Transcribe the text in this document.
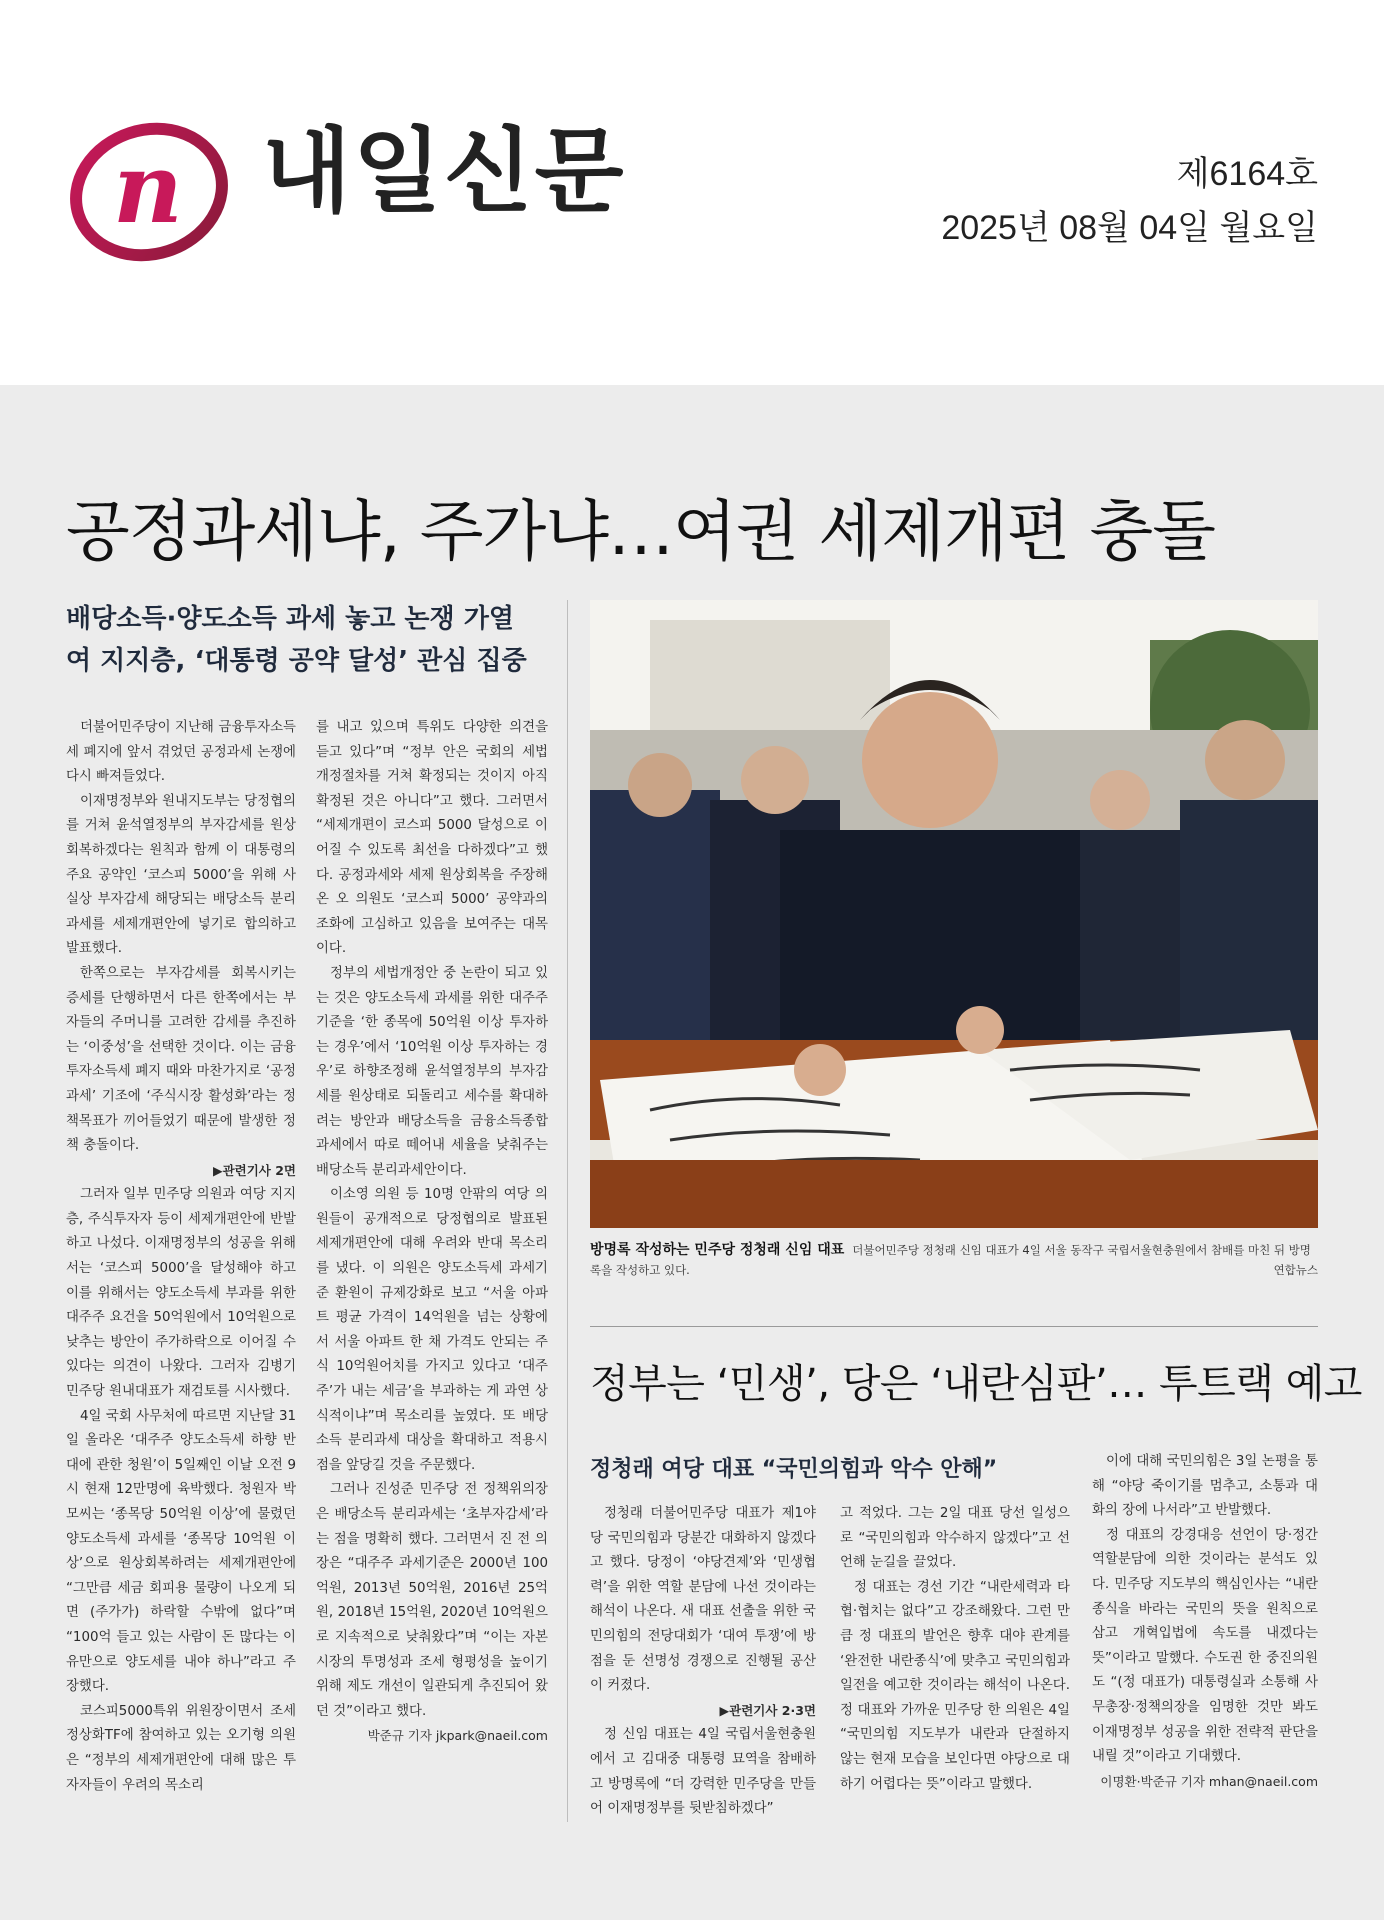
n 내일신문	제6164호
2025년 08월 04일 월요일
공정과세냐, 주가냐…여권 세제개편 충돌
배당소득·양도소득 과세 놓고 논쟁 가열
여 지지층, ‘대통령 공약 달성’ 관심 집중

더불어민주당이 지난해 금융투자소득세 폐지에 앞서 겪었던 공정과세 논쟁에 다시 빠져들었다.

이재명정부와 원내지도부는 당정협의를 거쳐 윤석열정부의 부자감세를 원상회복하겠다는 원칙과 함께 이 대통령의 주요 공약인 ‘코스피 5000’을 위해 사실상 부자감세 해당되는 배당소득 분리과세를 세제개편안에 넣기로 합의하고 발표했다.

한쪽으로는 부자감세를 회복시키는 증세를 단행하면서 다른 한쪽에서는 부자들의 주머니를 고려한 감세를 추진하는 ‘이중성’을 선택한 것이다. 이는 금융투자소득세 폐지 때와 마찬가지로 ‘공정과세’ 기조에 ‘주식시장 활성화’라는 정책목표가 끼어들었기 때문에 발생한 정책 충돌이다.

▶관련기사 2면

그러자 일부 민주당 의원과 여당 지지층, 주식투자자 등이 세제개편안에 반발하고 나섰다. 이재명정부의 성공을 위해서는 ‘코스피 5000’을 달성해야 하고 이를 위해서는 양도소득세 부과를 위한 대주주 요건을 50억원에서 10억원으로 낮추는 방안이 주가하락으로 이어질 수 있다는 의견이 나왔다. 그러자 김병기 민주당 원내대표가 재검토를 시사했다.

4일 국회 사무처에 따르면 지난달 31일 올라온 ‘대주주 양도소득세 하향 반대에 관한 청원’이 5일째인 이날 오전 9시 현재 12만명에 육박했다. 청원자 박 모씨는 ‘종목당 50억원 이상’에 물렸던 양도소득세 과세를 ‘종목당 10억원 이상’으로 원상회복하려는 세제개편안에 “그만큼 세금 회피용 물량이 나오게 되면 (주가가) 하락할 수밖에 없다”며 “100억 들고 있는 사람이 돈 많다는 이유만으로 양도세를 내야 하나”라고 주장했다.

코스피5000특위 위원장이면서 조세정상화TF에 참여하고 있는 오기형 의원은 “정부의 세제개편안에 대해 많은 투자자들이 우려의 목소리

를 내고 있으며 특위도 다양한 의견을 듣고 있다”며 “정부 안은 국회의 세법 개정절차를 거쳐 확정되는 것이지 아직 확정된 것은 아니다”고 했다. 그러면서 “세제개편이 코스피 5000 달성으로 이어질 수 있도록 최선을 다하겠다”고 했다. 공정과세와 세제 원상회복을 주장해온 오 의원도 ‘코스피 5000’ 공약과의 조화에 고심하고 있음을 보여주는 대목이다.

정부의 세법개정안 중 논란이 되고 있는 것은 양도소득세 과세를 위한 대주주 기준을 ‘한 종목에 50억원 이상 투자하는 경우’에서 ‘10억원 이상 투자하는 경우’로 하향조정해 윤석열정부의 부자감세를 원상태로 되돌리고 세수를 확대하려는 방안과 배당소득을 금융소득종합과세에서 따로 떼어내 세율을 낮춰주는 배당소득 분리과세안이다.

이소영 의원 등 10명 안팎의 여당 의원들이 공개적으로 당정협의로 발표된 세제개편안에 대해 우려와 반대 목소리를 냈다. 이 의원은 양도소득세 과세기준 환원이 규제강화로 보고 “서울 아파트 평균 가격이 14억원을 넘는 상황에서 서울 아파트 한 채 가격도 안되는 주식 10억원어치를 가지고 있다고 ‘대주주’가 내는 세금’을 부과하는 게 과연 상식적이냐”며 목소리를 높였다. 또 배당소득 분리과세 대상을 확대하고 적용시점을 앞당길 것을 주문했다.

그러나 진성준 민주당 전 정책위의장은 배당소득 분리과세는 ‘초부자감세’라는 점을 명확히 했다. 그러면서 진 전 의장은 “대주주 과세기준은 2000년 100억원, 2013년 50억원, 2016년 25억원, 2018년 15억원, 2020년 10억원으로 지속적으로 낮춰왔다”며 “이는 자본시장의 투명성과 조세 형평성을 높이기 위해 제도 개선이 일관되게 추진되어 왔던 것”이라고 했다.

박준규 기자 jkpark@naeil.com

방명록 작성하는 민주당 정청래 신임 대표 더불어민주당 정청래 신임 대표가 4일 서울 동작구 국립서울현충원에서 참배를 마친 뒤 방명록을 작성하고 있다.	연합뉴스
정부는 ‘민생’, 당은 ‘내란심판’… 투트랙 예고
정청래 여당 대표 “국민의힘과 악수 안해”

정청래 더불어민주당 대표가 제1야당 국민의힘과 당분간 대화하지 않겠다고 했다. 당정이 ‘야당견제’와 ‘민생협력’을 위한 역할 분담에 나선 것이라는 해석이 나온다. 새 대표 선출을 위한 국민의힘의 전당대회가 ‘대여 투쟁’에 방점을 둔 선명성 경쟁으로 진행될 공산이 커졌다.

▶관련기사 2·3면

정 신임 대표는 4일 국립서울현충원에서 고 김대중 대통령 묘역을 참배하고 방명록에 “더 강력한 민주당을 만들어 이재명정부를 뒷받침하겠다”

고 적었다. 그는 2일 대표 당선 일성으로 “국민의힘과 악수하지 않겠다”고 선언해 눈길을 끌었다.

정 대표는 경선 기간 “내란세력과 타협·협치는 없다”고 강조해왔다. 그런 만큼 정 대표의 발언은 향후 대야 관계를 ‘완전한 내란종식’에 맞추고 국민의힘과 일전을 예고한 것이라는 해석이 나온다. 정 대표와 가까운 민주당 한 의원은 4일 “국민의힘 지도부가 내란과 단절하지 않는 현재 모습을 보인다면 야당으로 대하기 어렵다는 뜻”이라고 말했다.

이에 대해 국민의힘은 3일 논평을 통해 “야당 죽이기를 멈추고, 소통과 대화의 장에 나서라”고 반발했다.

정 대표의 강경대응 선언이 당·정간 역할분담에 의한 것이라는 분석도 있다. 민주당 지도부의 핵심인사는 “내란종식을 바라는 국민의 뜻을 원칙으로 삼고 개혁입법에 속도를 내겠다는 뜻”이라고 말했다. 수도권 한 중진의원도 “(정 대표가) 대통령실과 소통해 사무총장·정책의장을 임명한 것만 봐도 이재명정부 성공을 위한 전략적 판단을 내릴 것”이라고 기대했다.

이명환·박준규 기자 mhan@naeil.com
